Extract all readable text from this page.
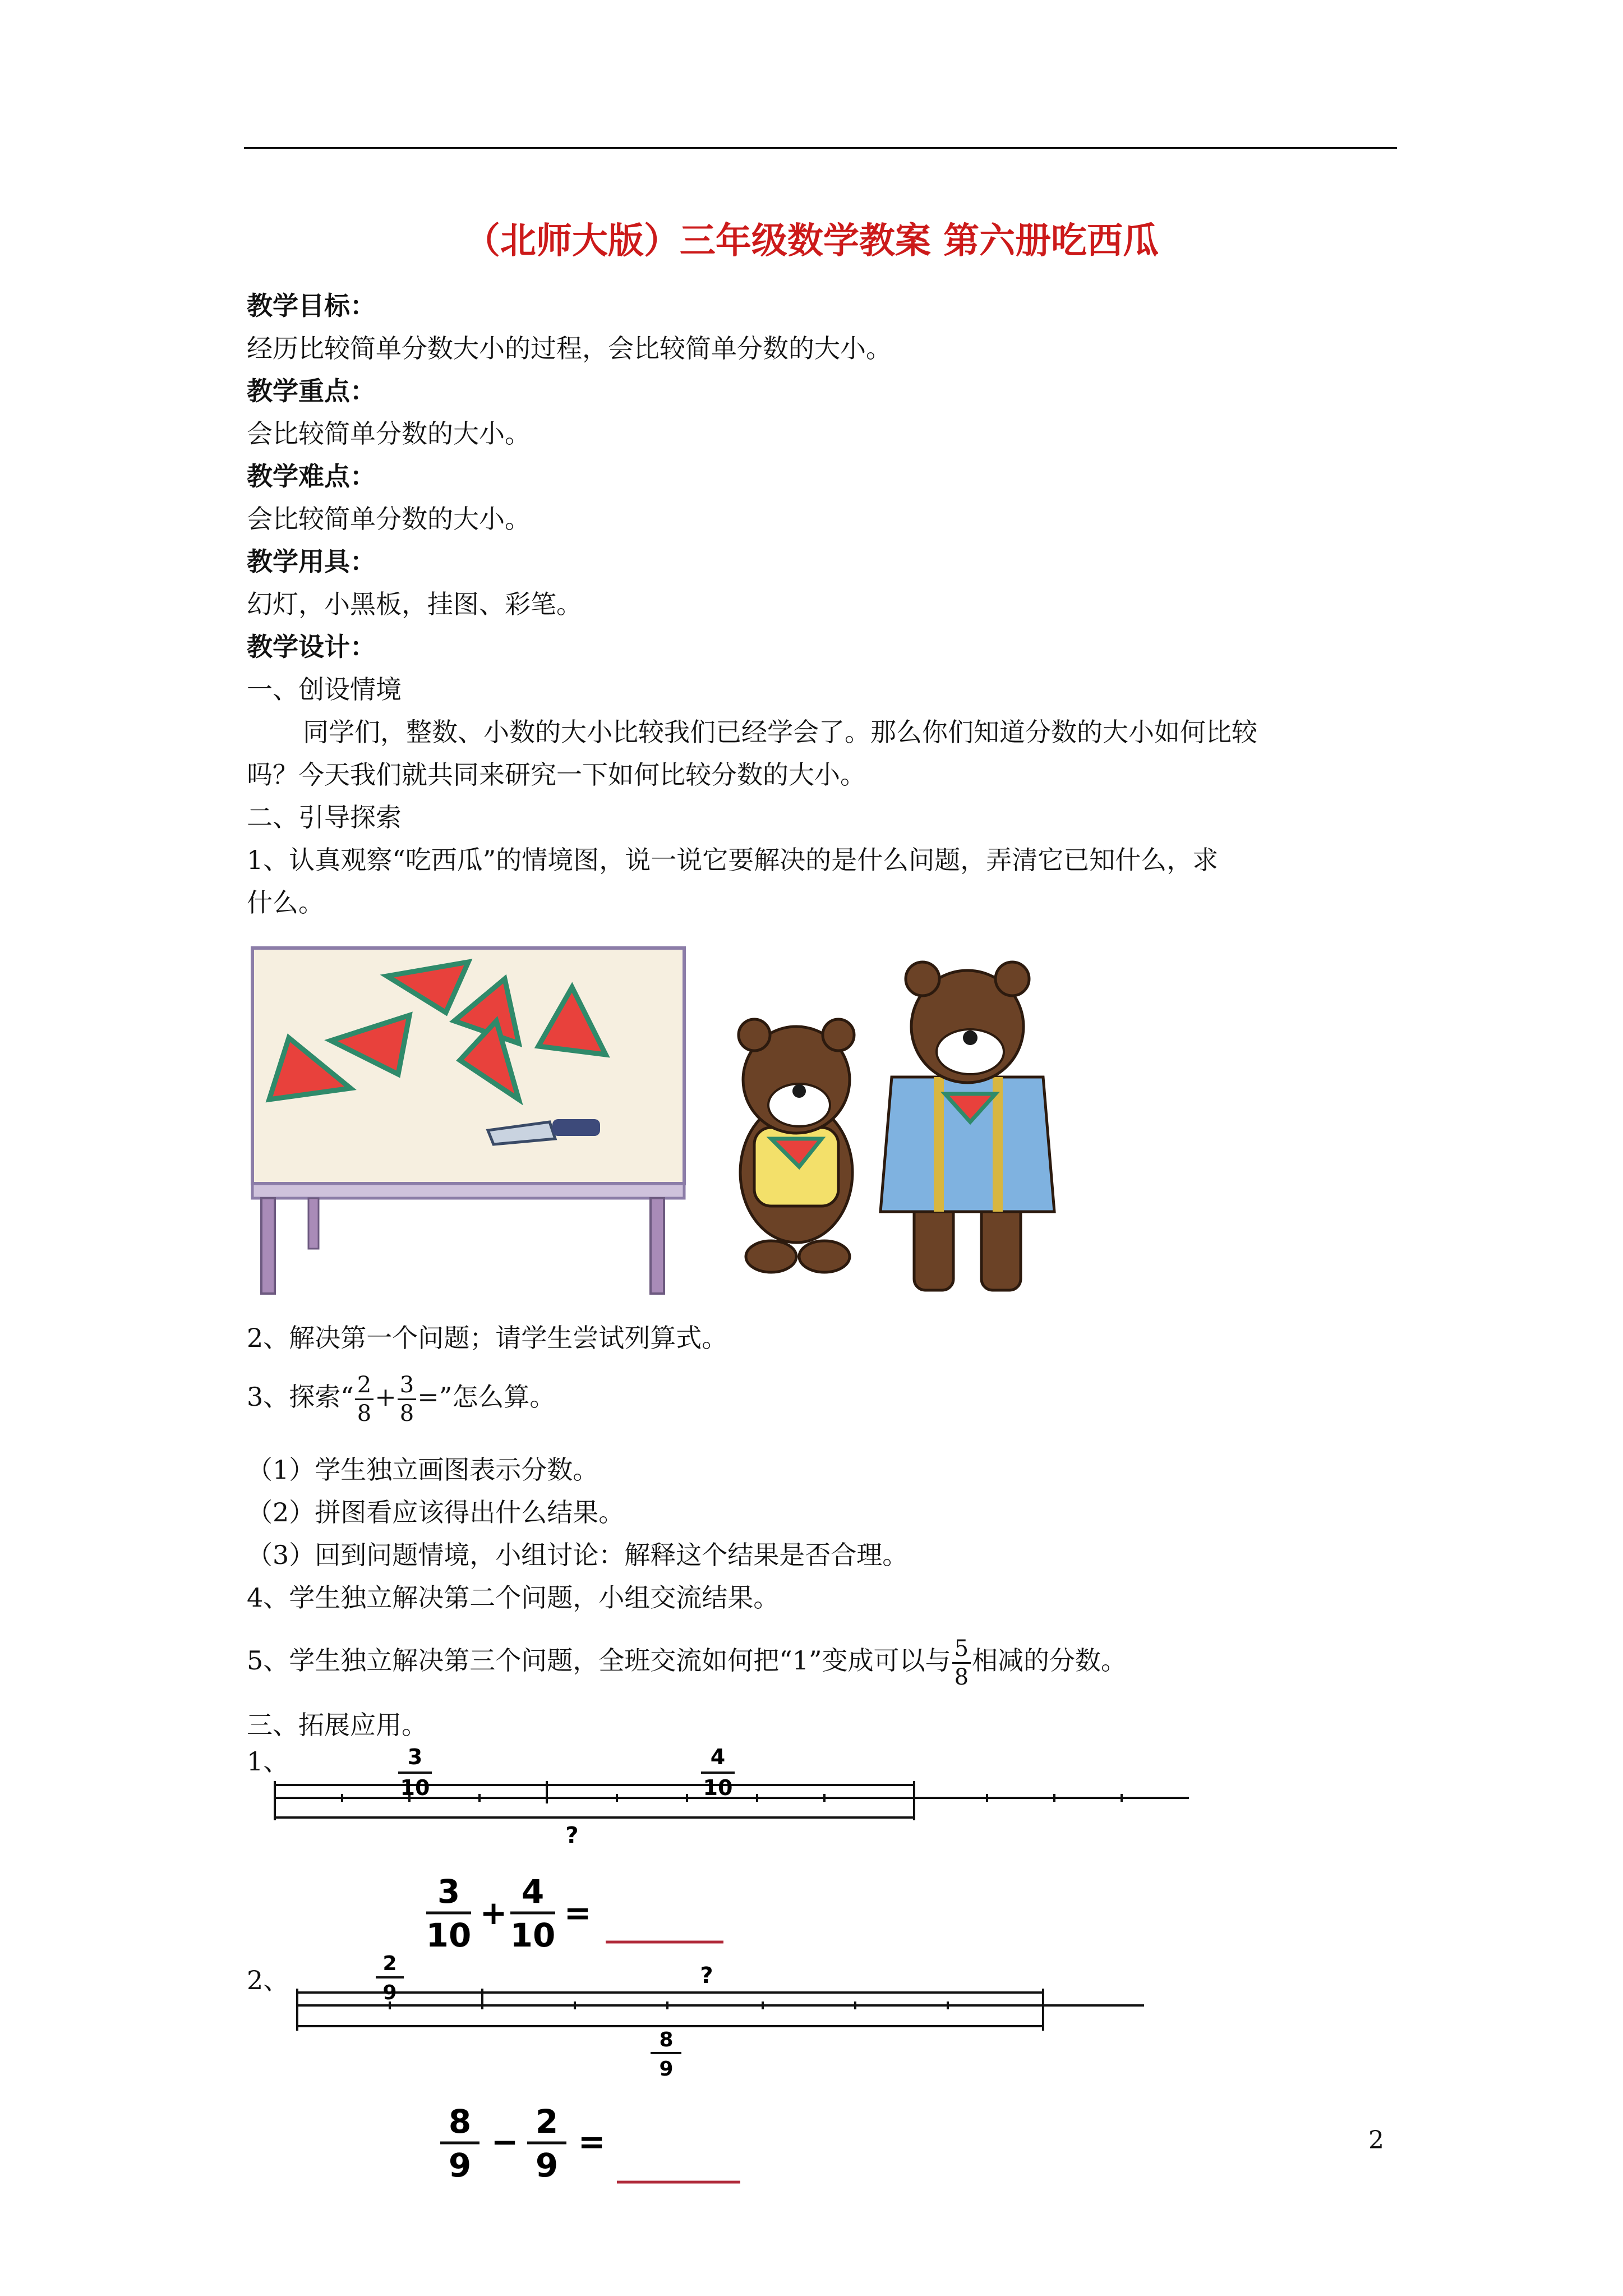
（北师大版）三年级数学教案 第六册吃西瓜
教学目标：
经历比较简单分数大小的过程，会比较简单分数的大小。
教学重点：
会比较简单分数的大小。
教学难点：
会比较简单分数的大小。
教学用具：
幻灯，小黑板，挂图、彩笔。
教学设计：
一、创设情境
同学们，整数、小数的大小比较我们已经学会了。那么你们知道分数的大小如何比较
吗？今天我们就共同来研究一下如何比较分数的大小。
二、引导探索
1、认真观察“吃西瓜”的情境图，说一说它要解决的是什么问题，弄清它已知什么，求
什么。
2、解决第一个问题；请学生尝试列算式。
3、探索“ $\frac{2}{8} + \frac{3}{8}$ =”怎么算。
（1）学生独立画图表示分数。
（2）拼图看应该得出什么结果。
（3）回到问题情境，小组讨论：解释这个结果是否合理。
4、学生独立解决第二个问题，小组交流结果。
5、学生独立解决第三个问题，全班交流如何把“1”变成可以与 $\frac{5}{8}$ 相减的分数。
三、拓展应用。
1、	3
10
4
10
?
3
10
+
4
10
=
2、
2
9
?
8
9
8
9
−
2
9
=	2
